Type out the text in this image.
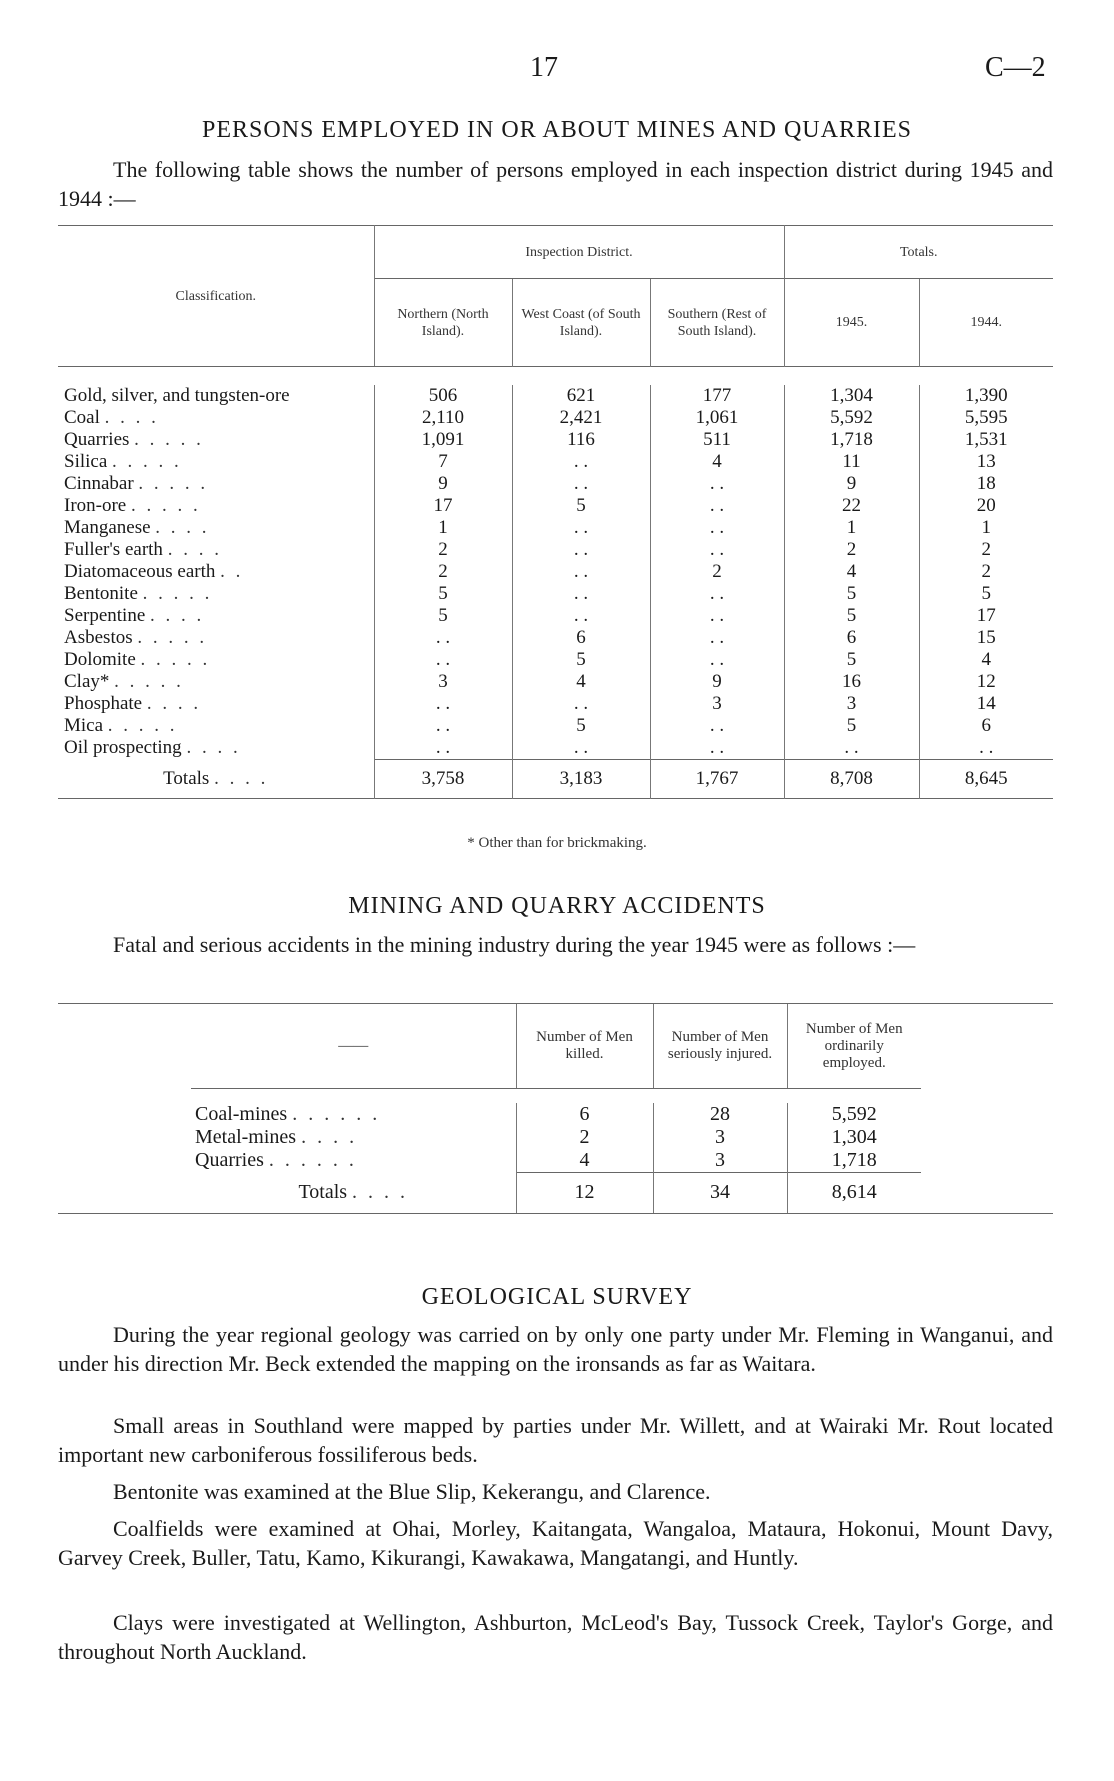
17	C—2
PERSONS EMPLOYED IN OR ABOUT MINES AND QUARRIES

The following table shows the number of persons employed in each inspection district during 1945 and 1944 :—

Classification.	Inspection District.			Totals.	
	Northern (North Island).	West Coast (of South Island).	Southern (Rest of South Island).	1945.	1944.

Gold, silver, and tungsten-ore	506	621	177	1,304	1,390
Coal . . . .	2,110	2,421	1,061	5,592	5,595
Quarries . . . . .	1,091	116	511	1,718	1,531
Silica . . . . .	7	. .	4	11	13
Cinnabar . . . . .	9	. .	. .	9	18
Iron-ore . . . . .	17	5	. .	22	20
Manganese . . . .	1	. .	. .	1	1
Fuller's earth . . . .	2	. .	. .	2	2
Diatomaceous earth . .	2	. .	2	4	2
Bentonite . . . . .	5	. .	. .	5	5
Serpentine . . . .	5	. .	. .	5	17
Asbestos . . . . .	. .	6	. .	6	15
Dolomite . . . . .	. .	5	. .	5	4
Clay* . . . . .	3	4	9	16	12
Phosphate . . . .	. .	. .	3	3	14
Mica . . . . .	. .	5	. .	5	6
Oil prospecting . . . .	. .	. .	. .	. .	. .
Totals . . . .	3,758	3,183	1,767	8,708	8,645
* Other than for brickmaking.
MINING AND QUARRY ACCIDENTS

Fatal and serious accidents in the mining industry during the year 1945 were as follows :—

	——	Number of Men killed.	Number of Men seriously injured.	Number of Men ordinarily employed.	

	Coal-mines . . . . . .	6	28	5,592	
	Metal-mines . . . .	2	3	1,304	
	Quarries . . . . . .	4	3	1,718	
	Totals . . . .	12	34	8,614	
GEOLOGICAL SURVEY

During the year regional geology was carried on by only one party under Mr. Fleming in Wanganui, and under his direction Mr. Beck extended the mapping on the ironsands as far as Waitara.

Small areas in Southland were mapped by parties under Mr. Willett, and at Wairaki Mr. Rout located important new carboniferous fossiliferous beds.

Bentonite was examined at the Blue Slip, Kekerangu, and Clarence.

Coalfields were examined at Ohai, Morley, Kaitangata, Wangaloa, Mataura, Hokonui, Mount Davy, Garvey Creek, Buller, Tatu, Kamo, Kikurangi, Kawakawa, Mangatangi, and Huntly.

Clays were investigated at Wellington, Ashburton, McLeod's Bay, Tussock Creek, Taylor's Gorge, and throughout North Auckland.
